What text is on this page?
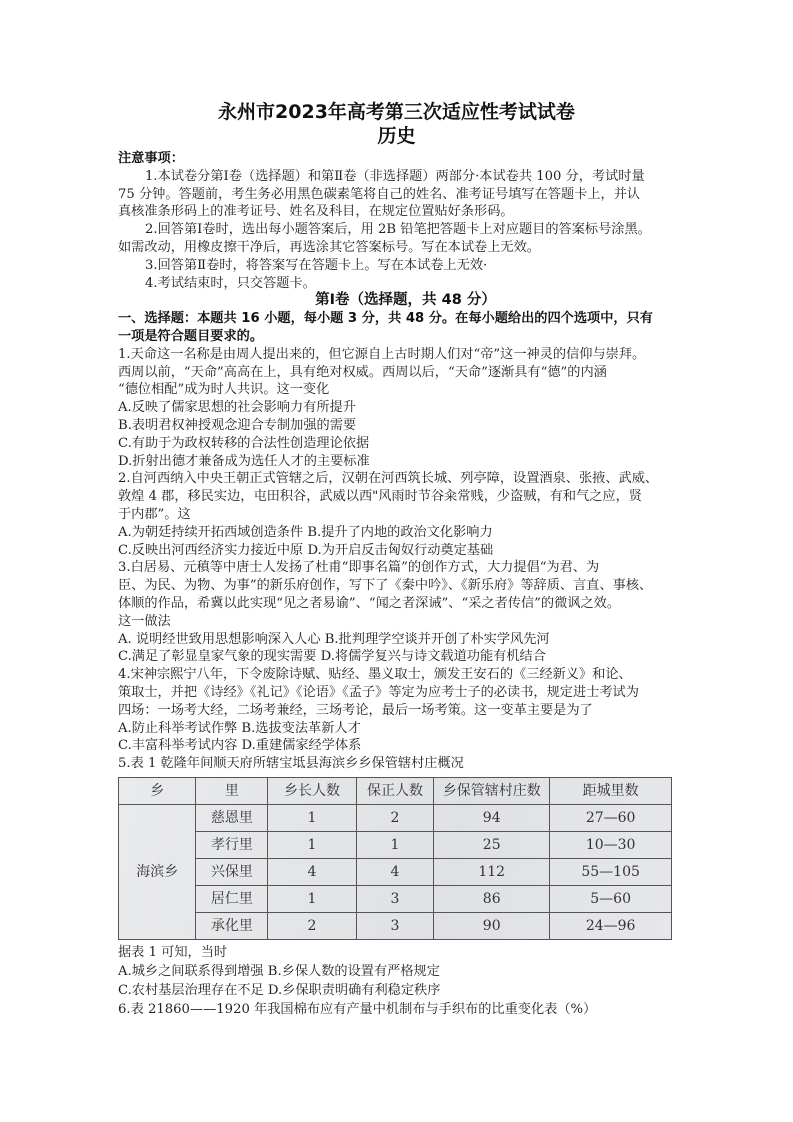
永州市2023年高考第三次适应性考试试卷
历史
注意事项：
1.本试卷分第Ⅰ卷（选择题）和第Ⅱ卷（非选择题）两部分·本试卷共 100 分，考试时量
75 分钟。答题前，考生务必用黑色碳素笔将自己的姓名、准考证号填写在答题卡上，并认
真核准条形码上的准考证号、姓名及科目，在规定位置贴好条形码。
2.回答第Ⅰ卷时，选出每小题答案后，用 2B 铅笔把答题卡上对应题目的答案标号涂黑。
如需改动，用橡皮擦干净后，再选涂其它答案标号。写在本试卷上无效。
3.回答第Ⅱ卷时，将答案写在答题卡上。写在本试卷上无效·
4.考试结束时，只交答题卡。
第Ⅰ卷（选择题，共 48 分）
一、选择题：本题共 16 小题，每小题 3 分，共 48 分。在每小题给出的四个选项中，只有
一项是符合题目要求的。
1.天命这一名称是由周人提出来的，但它源自上古时期人们对“帝”这一神灵的信仰与崇拜。
西周以前，“天命”高高在上，具有绝对权威。西周以后，“天命”逐渐具有“德”的内涵
“德位相配”成为时人共识。这一变化
A.反映了儒家思想的社会影响力有所提升
B.表明君权神授观念迎合专制加强的需要
C.有助于为政权转移的合法性创造理论依据
D.折射出德才兼备成为选任人才的主要标准
2.自河西纳入中央王朝正式管辖之后，汉朝在河西筑长城、列亭障，设置酒泉、张掖、武威、
敦煌 4 郡，移民实边，屯田积谷，武威以西"风雨时节谷籴常贱，少盗贼，有和气之应，贤
于内郡”。这
A.为朝廷持续开拓西域创造条件 B.提升了内地的政治文化影响力
C.反映出河西经济实力接近中原 D.为开启反击匈奴行动奠定基础
3.白居易、元稹等中唐士人发扬了杜甫“即事名篇”的创作方式，大力提倡“为君、为
臣、为民、为物、为事”的新乐府创作，写下了《秦中吟》、《新乐府》等辞质、言直、事核、
体顺的作品，希冀以此实现“见之者易谕”、“闻之者深诫”、“采之者传信”的微讽之效。
这一做法
A. 说明经世致用思想影响深入人心 B.批判理学空谈并开创了朴实学风先河
C.满足了彰显皇家气象的现实需要 D.将儒学复兴与诗文载道功能有机结合
4.宋神宗熙宁八年，下令废除诗赋、贴经、墨义取士，颁发王安石的《三经新义》和论、
策取士，并把《诗经》《礼记》《论语》《孟子》等定为应考士子的必读书，规定进士考试为
四场：一场考大经，二场考兼经，三场考论，最后一场考策。这一变革主要是为了
A.防止科举考试作弊 B.选拔变法革新人才
C.丰富科举考试内容 D.重建儒家经学体系
5.表 1 乾隆年间顺天府所辖宝坻县海滨乡乡保管辖村庄概况
乡	里	乡长人数	保正人数	乡保管辖村庄数	距城里数
海滨乡	慈恩里	1	2	94	27—60
	孝行里	1	1	25	10—30
	兴保里	4	4	112	55—105
	居仁里	1	3	86	5—60
	承化里	2	3	90	24—96
据表 1 可知，当时
A.城乡之间联系得到增强 B.乡保人数的设置有严格规定
C.农村基层治理存在不足 D.乡保职责明确有利稳定秩序
6.表 21860——1920 年我国棉布应有产量中机制布与手织布的比重变化表（%）
